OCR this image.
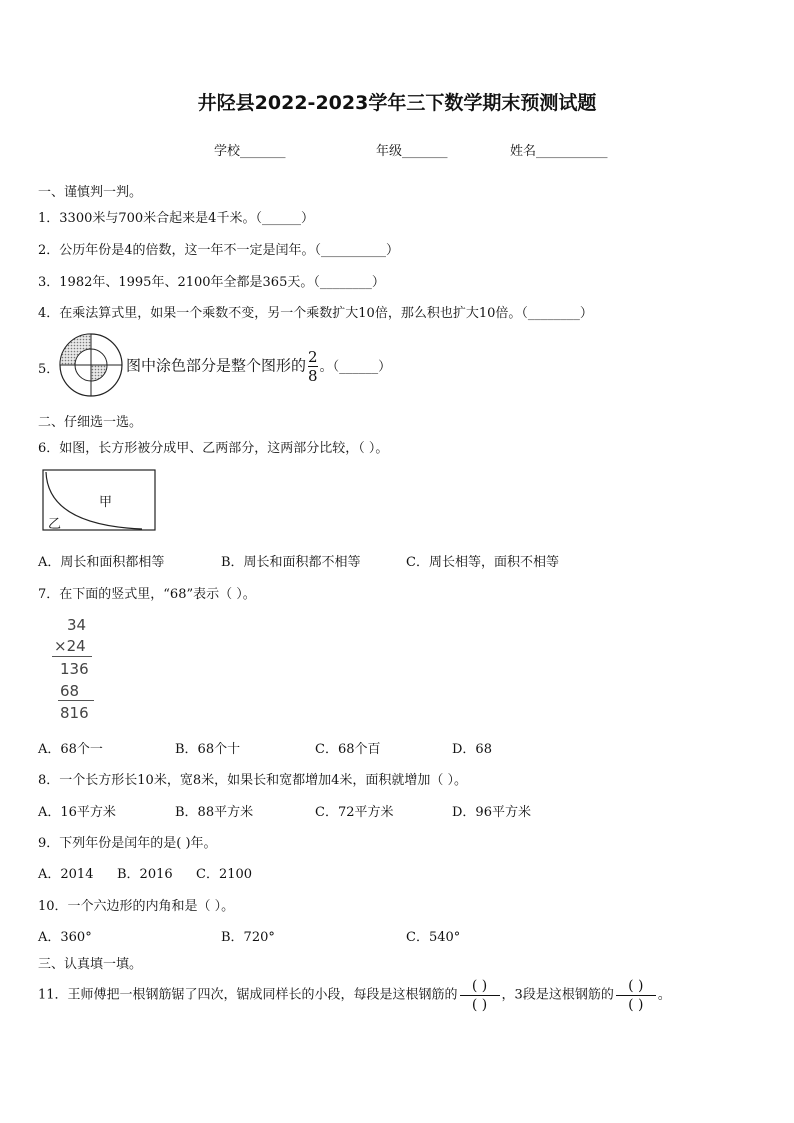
井陉县2022-2023学年三下数学期末预测试题
学校_______	年级_______	姓名___________
一、谨慎判一判。
1．3300米与700米合起来是4千米。（______）
2．公历年份是4的倍数，这一年不一定是闰年。（__________）
3．1982年、1995年、2100年全都是365天。（________）
4．在乘法算式里，如果一个乘数不变，另一个乘数扩大10倍，那么积也扩大10倍。（________）
5．	图中涂色部分是整个图形的 $\frac{2}{8}$ 。（______）
二、仔细选一选。
6．如图，长方形被分成甲、乙两部分，这两部分比较，（ ）。
甲
乙
A．周长和面积都相等	B．周长和面积都不相等	C．周长相等，面积不相等
7．在下面的竖式里，“68”表示（ ）。
34
×24
136
68
816
A．68个一	B．68个十	C．68个百	D．68
8．一个长方形长10米，宽8米，如果长和宽都增加4米，面积就增加（ ）。
A．16平方米	B．88平方米	C．72平方米	D．96平方米
9．下列年份是闰年的是( )年。
A．2014 B．2016 C．2100
10．一个六边形的内角和是（ ）。
A．360°	B．720°	C．540°
三、认真填一填。
11．王师傅把一根钢筋锯了四次，锯成同样长的小段，每段是这根钢筋的 $\frac{( )}{( )}$ ，3段是这根钢筋的 $\frac{( )}{( )}$ 。
